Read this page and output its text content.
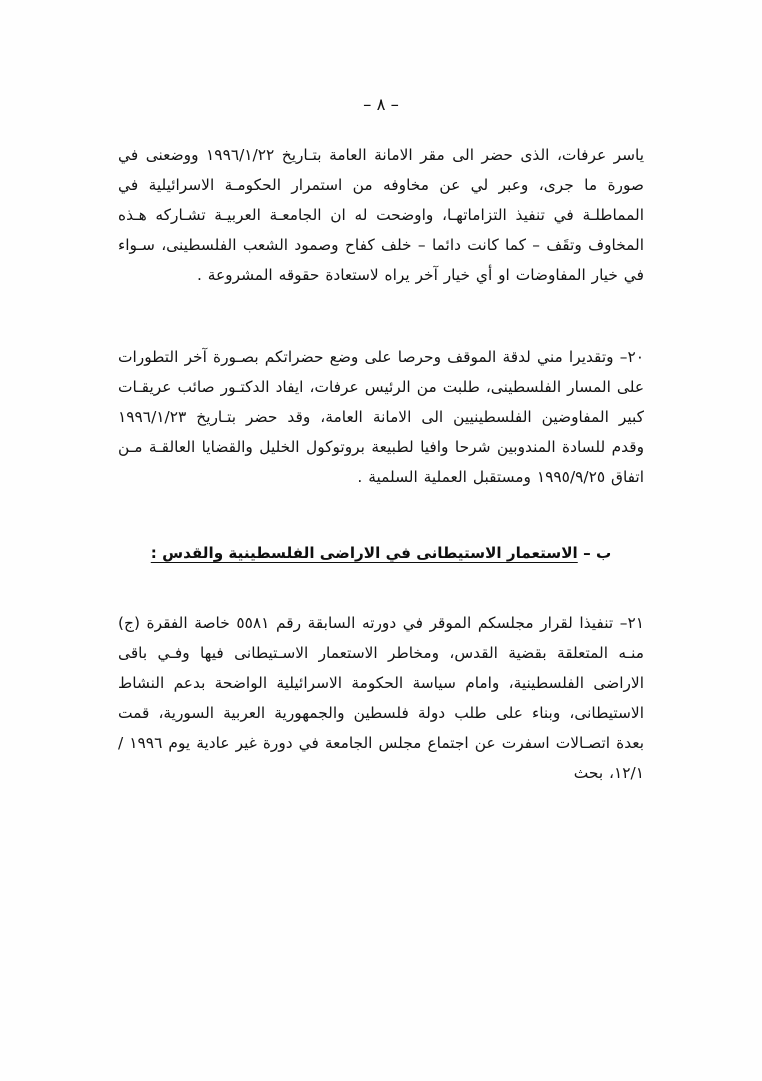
– ٨ –

ياسر عرفات، الذى حضر الى مقر الامانة العامة بتـاريخ ١٩٩٦/١/٢٢ ووضعنى في صورة ما جرى، وعبر لي عن مخاوفه من استمرار الحكومـة الاسرائيلية في المماطلـة في تنفيذ التزاماتهـا، واوضحت له ان الجامعـة العربيـة تشـاركه هـذه المخاوف وتقَف – كما كانت دائما – خلف كفاح وصمود الشعب الفلسطينى، سـواء في خيار المفاوضات او أي خيار آخر يراه لاستعادة حقوقه المشروعة .

٢٠– وتقديرا مني لدقة الموقف وحرصا على وضع حضراتكم بصـورة آخر التطورات على المسار الفلسطينى، طلبت من الرئيس عرفات، ايفاد الدكتـور صائب عريقـات كبير المفاوضين الفلسطينيين الى الامانة العامة، وقد حضر بتـاريخ ١٩٩٦/١/٢٣ وقدم للسادة المندوبين شرحا وافيا لطبيعة بروتوكول الخليل والقضايا العالقـة مـن اتفاق ١٩٩٥/٩/٢٥ ومستقبل العملية السلمية .

ب – الاستعمار الاستيطانى في الاراضى الفلسطينية والقدس :

٢١– تنفيذا لقرار مجلسكم الموقر في دورته السابقة رقم ٥٥٨١ خاصة الفقرة (ج) منـه المتعلقة بقضية القدس، ومخاطر الاستعمار الاسـتيطانى فيها وفـي باقى الاراضى الفلسطينية، وامام سياسة الحكومة الاسرائيلية الواضحة بدعم النشاط الاستيطانى، وبناء على طلب دولة فلسطين والجمهورية العربية السورية، قمت بعدة اتصـالات اسفرت عن اجتماع مجلس الجامعة في دورة غير عادية يوم ١٩٩٦ /١٢/١، بحث
